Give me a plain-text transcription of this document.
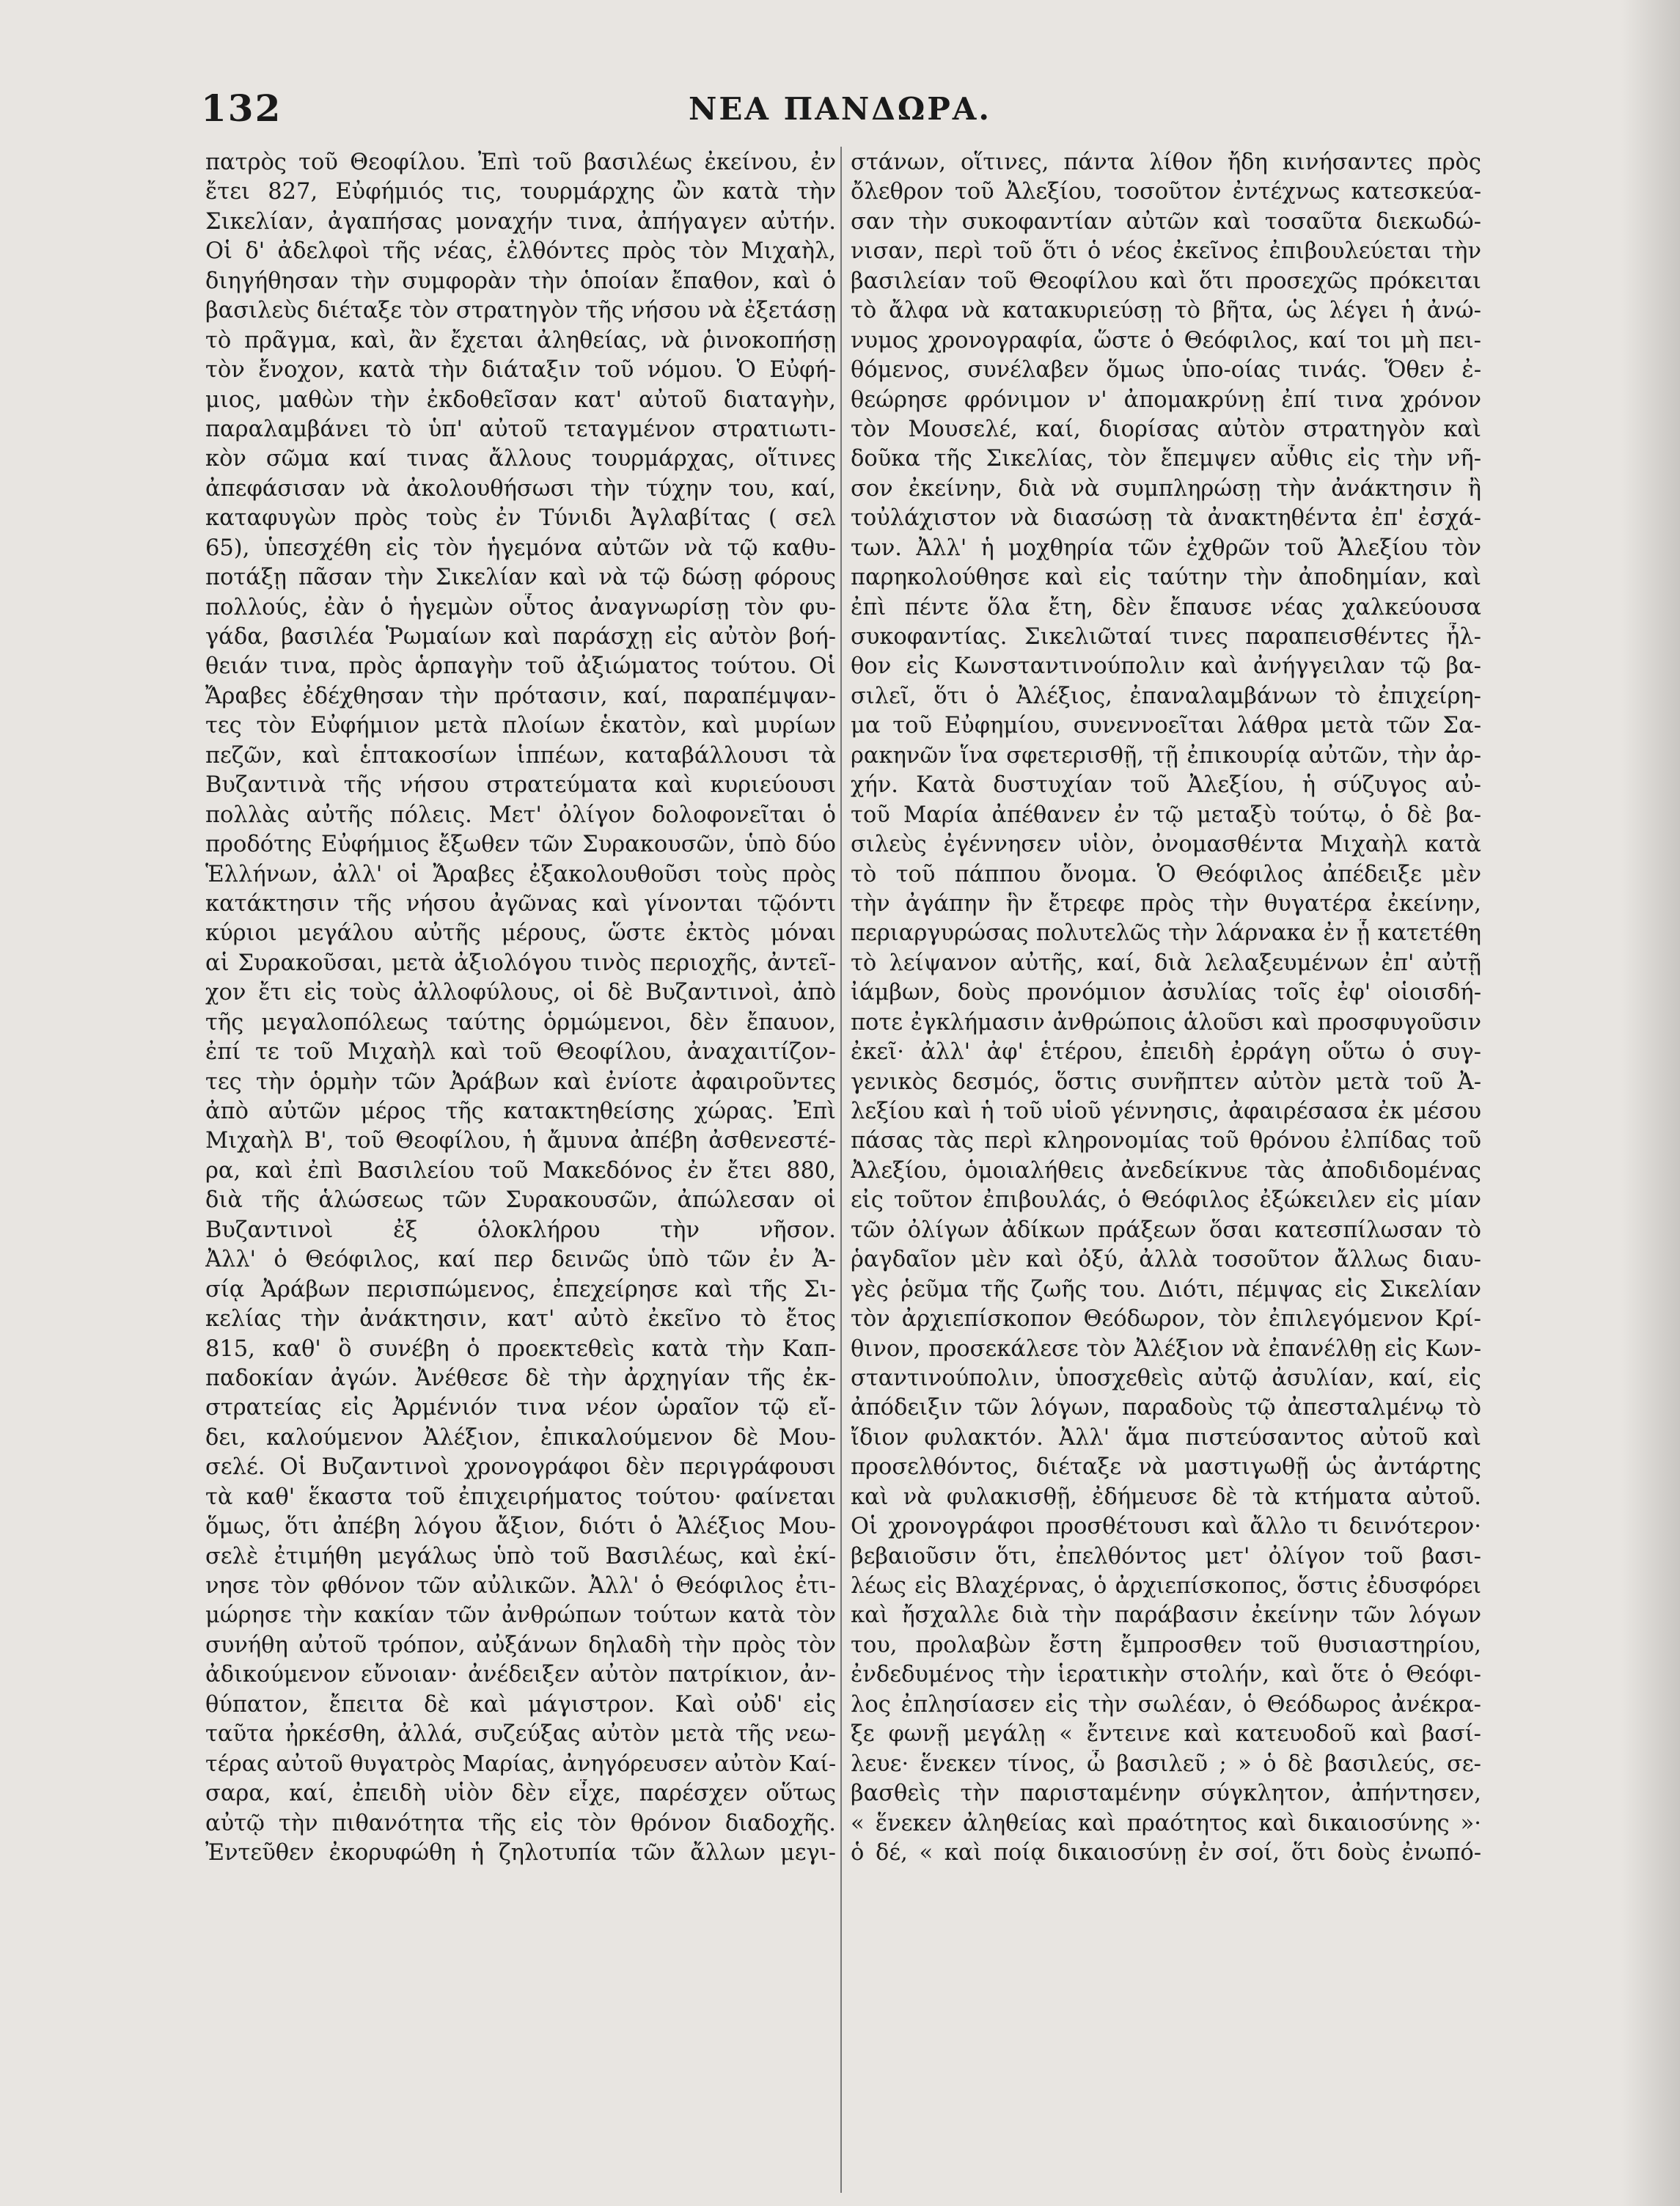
132	ΝΕΑ ΠΑΝΔΩΡΑ.
πατρὸς τοῦ Θεοφίλου. Ἐπὶ τοῦ βασιλέως ἐκείνου, ἐν
ἔτει 827, Εὐφήμιός τις, τουρμάρχης ὢν κατὰ τὴν
Σικελίαν, ἀγαπήσας μοναχήν τινα, ἀπήγαγεν αὐτήν.
Οἱ δ' ἀδελφοὶ τῆς νέας, ἐλθόντες πρὸς τὸν Μιχαὴλ,
διηγήθησαν τὴν συμφορὰν τὴν ὁποίαν ἔπαθον, καὶ ὁ
βασιλεὺς διέταξε τὸν στρατηγὸν τῆς νήσου νὰ ἐξετάσῃ
τὸ πρᾶγμα, καὶ, ἂν ἔχεται ἀληθείας, νὰ ῥινοκοπήσῃ
τὸν ἔνοχον, κατὰ τὴν διάταξιν τοῦ νόμου. Ὁ Εὐφή-
μιος, μαθὼν τὴν ἐκδοθεῖσαν κατ' αὐτοῦ διαταγὴν,
παραλαμβάνει τὸ ὑπ' αὐτοῦ τεταγμένον στρατιωτι-
κὸν σῶμα καί τινας ἄλλους τουρμάρχας, οἵτινες
ἀπεφάσισαν νὰ ἀκολουθήσωσι τὴν τύχην του, καί,
καταφυγὼν πρὸς τοὺς ἐν Τύνιδι Ἀγλαβίτας ( σελ
65), ὑπεσχέθη εἰς τὸν ἡγεμόνα αὐτῶν νὰ τῷ καθυ-
ποτάξῃ πᾶσαν τὴν Σικελίαν καὶ νὰ τῷ δώσῃ φόρους
πολλούς, ἐὰν ὁ ἡγεμὼν οὗτος ἀναγνωρίσῃ τὸν φυ-
γάδα, βασιλέα Ῥωμαίων καὶ παράσχῃ εἰς αὐτὸν βοή-
θειάν τινα, πρὸς ἁρπαγὴν τοῦ ἀξιώματος τούτου. Οἱ
Ἄραβες ἐδέχθησαν τὴν πρότασιν, καί, παραπέμψαν-
τες τὸν Εὐφήμιον μετὰ πλοίων ἑκατὸν, καὶ μυρίων
πεζῶν, καὶ ἑπτακοσίων ἱππέων, καταβάλλουσι τὰ
Βυζαντινὰ τῆς νήσου στρατεύματα καὶ κυριεύουσι
πολλὰς αὐτῆς πόλεις. Μετ' ὀλίγον δολοφονεῖται ὁ
προδότης Εὐφήμιος ἔξωθεν τῶν Συρακουσῶν, ὑπὸ δύο
Ἑλλήνων, ἀλλ' οἱ Ἄραβες ἐξακολουθοῦσι τοὺς πρὸς
κατάκτησιν τῆς νήσου ἀγῶνας καὶ γίνονται τῷόντι
κύριοι μεγάλου αὐτῆς μέρους, ὥστε ἐκτὸς μόναι
αἱ Συρακοῦσαι, μετὰ ἀξιολόγου τινὸς περιοχῆς, ἀντεῖ-
χον ἔτι εἰς τοὺς ἀλλοφύλους, οἱ δὲ Βυζαντινοὶ, ἀπὸ
τῆς μεγαλοπόλεως ταύτης ὁρμώμενοι, δὲν ἔπαυον,
ἐπί τε τοῦ Μιχαὴλ καὶ τοῦ Θεοφίλου, ἀναχαιτίζον-
τες τὴν ὁρμὴν τῶν Ἀράβων καὶ ἐνίοτε ἀφαιροῦντες
ἀπὸ αὐτῶν μέρος τῆς κατακτηθείσης χώρας. Ἐπὶ
Μιχαὴλ Β', τοῦ Θεοφίλου, ἡ ἄμυνα ἀπέβη ἀσθενεστέ-
ρα, καὶ ἐπὶ Βασιλείου τοῦ Μακεδόνος ἐν ἔτει 880,
διὰ τῆς ἁλώσεως τῶν Συρακουσῶν, ἀπώλεσαν οἱ
Βυζαντινοὶ ἐξ ὁλοκλήρου τὴν νῆσον.
Ἀλλ' ὁ Θεόφιλος, καί περ δεινῶς ὑπὸ τῶν ἐν Ἀ-
σίᾳ Ἀράβων περισπώμενος, ἐπεχείρησε καὶ τῆς Σι-
κελίας τὴν ἀνάκτησιν, κατ' αὐτὸ ἐκεῖνο τὸ ἔτος
815, καθ' ὃ συνέβη ὁ προεκτεθεὶς κατὰ τὴν Καπ-
παδοκίαν ἀγών. Ἀνέθεσε δὲ τὴν ἀρχηγίαν τῆς ἐκ-
στρατείας εἰς Ἀρμένιόν τινα νέον ὡραῖον τῷ εἴ-
δει, καλούμενον Ἀλέξιον, ἐπικαλούμενον δὲ Μου-
σελέ. Οἱ Βυζαντινοὶ χρονογράφοι δὲν περιγράφουσι
τὰ καθ' ἕκαστα τοῦ ἐπιχειρήματος τούτου· φαίνεται
ὅμως, ὅτι ἀπέβη λόγου ἄξιον, διότι ὁ Ἀλέξιος Μου-
σελὲ ἐτιμήθη μεγάλως ὑπὸ τοῦ Βασιλέως, καὶ ἐκί-
νησε τὸν φθόνον τῶν αὐλικῶν. Ἀλλ' ὁ Θεόφιλος ἐτι-
μώρησε τὴν κακίαν τῶν ἀνθρώπων τούτων κατὰ τὸν
συνήθη αὐτοῦ τρόπον, αὐξάνων δηλαδὴ τὴν πρὸς τὸν
ἀδικούμενον εὔνοιαν· ἀνέδειξεν αὐτὸν πατρίκιον, ἀν-
θύπατον, ἔπειτα δὲ καὶ μάγιστρον. Καὶ οὐδ' εἰς
ταῦτα ἠρκέσθη, ἀλλά, συζεύξας αὐτὸν μετὰ τῆς νεω-
τέρας αὐτοῦ θυγατρὸς Μαρίας, ἀνηγόρευσεν αὐτὸν Καί-
σαρα, καί, ἐπειδὴ υἱὸν δὲν εἶχε, παρέσχεν οὕτως
αὐτῷ τὴν πιθανότητα τῆς εἰς τὸν θρόνον διαδοχῆς.
Ἐντεῦθεν ἐκορυφώθη ἡ ζηλοτυπία τῶν ἄλλων μεγι-
στάνων, οἵτινες, πάντα λίθον ἤδη κινήσαντες πρὸς
ὄλεθρον τοῦ Ἀλεξίου, τοσοῦτον ἐντέχνως κατεσκεύα-
σαν τὴν συκοφαντίαν αὐτῶν καὶ τοσαῦτα διεκωδώ-
νισαν, περὶ τοῦ ὅτι ὁ νέος ἐκεῖνος ἐπιβουλεύεται τὴν
βασιλείαν τοῦ Θεοφίλου καὶ ὅτι προσεχῶς πρόκειται
τὸ ἄλφα νὰ κατακυριεύσῃ τὸ βῆτα, ὡς λέγει ἡ ἀνώ-
νυμος χρονογραφία, ὥστε ὁ Θεόφιλος, καί τοι μὴ πει-
θόμενος, συνέλαβεν ὅμως ὑπο-οίας τινάς. Ὅθεν ἐ-
θεώρησε φρόνιμον ν' ἀπομακρύνῃ ἐπί τινα χρόνον
τὸν Μουσελέ, καί, διορίσας αὐτὸν στρατηγὸν καὶ
δοῦκα τῆς Σικελίας, τὸν ἔπεμψεν αὖθις εἰς τὴν νῆ-
σον ἐκείνην, διὰ νὰ συμπληρώσῃ τὴν ἀνάκτησιν ἢ
τοὐλάχιστον νὰ διασώσῃ τὰ ἀνακτηθέντα ἐπ' ἐσχά-
των. Ἀλλ' ἡ μοχθηρία τῶν ἐχθρῶν τοῦ Ἀλεξίου τὸν
παρηκολούθησε καὶ εἰς ταύτην τὴν ἀποδημίαν, καὶ
ἐπὶ πέντε ὅλα ἔτη, δὲν ἔπαυσε νέας χαλκεύουσα
συκοφαντίας. Σικελιῶταί τινες παραπεισθέντες ἦλ-
θον εἰς Κωνσταντινούπολιν καὶ ἀνήγγειλαν τῷ βα-
σιλεῖ, ὅτι ὁ Ἀλέξιος, ἐπαναλαμβάνων τὸ ἐπιχείρη-
μα τοῦ Εὐφημίου, συνεννοεῖται λάθρα μετὰ τῶν Σα-
ρακηνῶν ἵνα σφετερισθῇ, τῇ ἐπικουρίᾳ αὐτῶν, τὴν ἀρ-
χήν. Κατὰ δυστυχίαν τοῦ Ἀλεξίου, ἡ σύζυγος αὐ-
τοῦ Μαρία ἀπέθανεν ἐν τῷ μεταξὺ τούτῳ, ὁ δὲ βα-
σιλεὺς ἐγέννησεν υἱὸν, ὀνομασθέντα Μιχαὴλ κατὰ
τὸ τοῦ πάππου ὄνομα. Ὁ Θεόφιλος ἀπέδειξε μὲν
τὴν ἀγάπην ἣν ἔτρεφε πρὸς τὴν θυγατέρα ἐκείνην,
περιαργυρώσας πολυτελῶς τὴν λάρνακα ἐν ᾗ κατετέθη
τὸ λείψανον αὐτῆς, καί, διὰ λελαξευμένων ἐπ' αὐτῇ
ἰάμβων, δοὺς προνόμιον ἀσυλίας τοῖς ἐφ' οἱοισδή-
ποτε ἐγκλήμασιν ἀνθρώποις ἁλοῦσι καὶ προσφυγοῦσιν
ἐκεῖ· ἀλλ' ἀφ' ἑτέρου, ἐπειδὴ ἐρράγη οὕτω ὁ συγ-
γενικὸς δεσμός, ὅστις συνῆπτεν αὐτὸν μετὰ τοῦ Ἀ-
λεξίου καὶ ἡ τοῦ υἱοῦ γέννησις, ἀφαιρέσασα ἐκ μέσου
πάσας τὰς περὶ κληρονομίας τοῦ θρόνου ἐλπίδας τοῦ
Ἀλεξίου, ὁμοιαλήθεις ἀνεδείκνυε τὰς ἀποδιδομένας
εἰς τοῦτον ἐπιβουλάς, ὁ Θεόφιλος ἐξώκειλεν εἰς μίαν
τῶν ὀλίγων ἀδίκων πράξεων ὅσαι κατεσπίλωσαν τὸ
ῥαγδαῖον μὲν καὶ ὀξύ, ἀλλὰ τοσοῦτον ἄλλως διαυ-
γὲς ῥεῦμα τῆς ζωῆς του. Διότι, πέμψας εἰς Σικελίαν
τὸν ἀρχιεπίσκοπον Θεόδωρον, τὸν ἐπιλεγόμενον Κρί-
θινον, προσεκάλεσε τὸν Ἀλέξιον νὰ ἐπανέλθῃ εἰς Κων-
σταντινούπολιν, ὑποσχεθεὶς αὐτῷ ἀσυλίαν, καί, εἰς
ἀπόδειξιν τῶν λόγων, παραδοὺς τῷ ἀπεσταλμένῳ τὸ
ἴδιον φυλακτόν. Ἀλλ' ἅμα πιστεύσαντος αὐτοῦ καὶ
προσελθόντος, διέταξε νὰ μαστιγωθῇ ὡς ἀντάρτης
καὶ νὰ φυλακισθῇ, ἐδήμευσε δὲ τὰ κτήματα αὐτοῦ.
Οἱ χρονογράφοι προσθέτουσι καὶ ἄλλο τι δεινότερον·
βεβαιοῦσιν ὅτι, ἐπελθόντος μετ' ὀλίγον τοῦ βασι-
λέως εἰς Βλαχέρνας, ὁ ἀρχιεπίσκοπος, ὅστις ἐδυσφόρει
καὶ ἤσχαλλε διὰ τὴν παράβασιν ἐκείνην τῶν λόγων
του, προλαβὼν ἔστη ἔμπροσθεν τοῦ θυσιαστηρίου,
ἐνδεδυμένος τὴν ἱερατικὴν στολήν, καὶ ὅτε ὁ Θεόφι-
λος ἐπλησίασεν εἰς τὴν σωλέαν, ὁ Θεόδωρος ἀνέκρα-
ξε φωνῇ μεγάλῃ « ἔντεινε καὶ κατευοδοῦ καὶ βασί-
λευε· ἕνεκεν τίνος, ὦ βασιλεῦ ; » ὁ δὲ βασιλεύς, σε-
βασθεὶς τὴν παρισταμένην σύγκλητον, ἀπήντησεν,
« ἕνεκεν ἀληθείας καὶ πραότητος καὶ δικαιοσύνης »·
ὁ δέ, « καὶ ποίᾳ δικαιοσύνῃ ἐν σοί, ὅτι δοὺς ἐνωπό-
